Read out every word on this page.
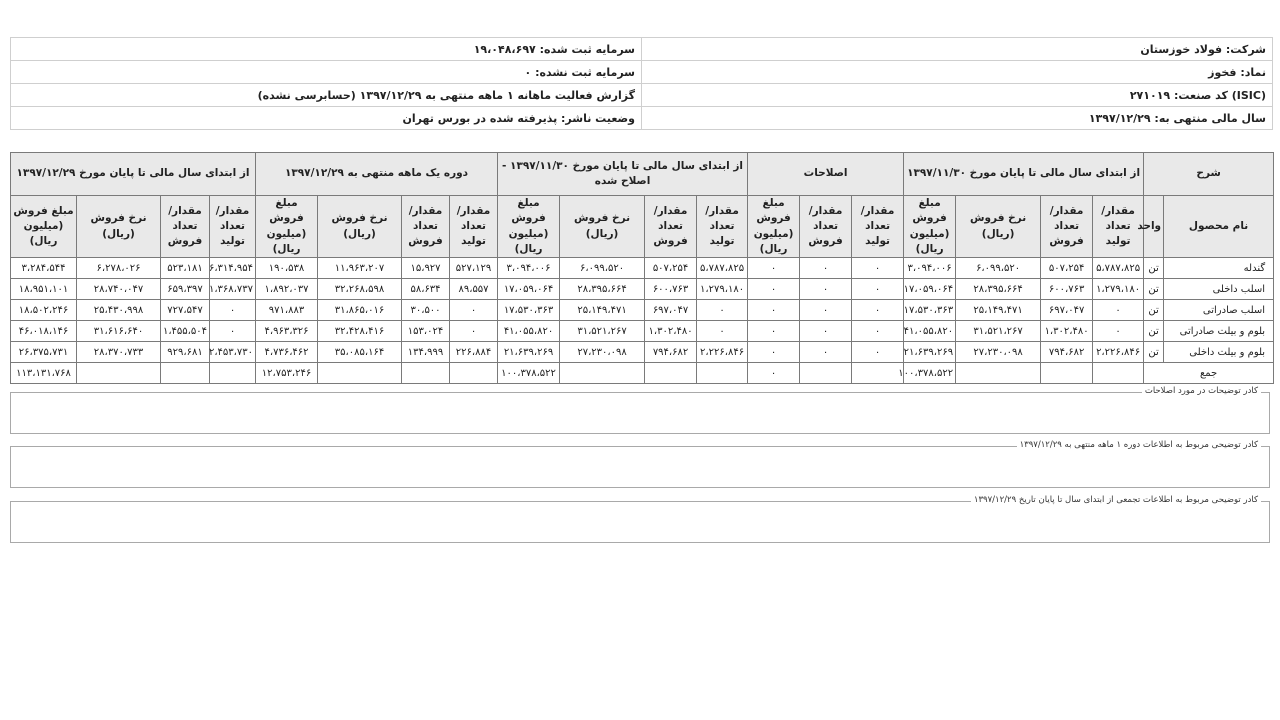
شرکت: فولاد خوزستان	سرمایه ثبت شده: ۱۹،۰۴۸،۶۹۷
نماد: فخوز	سرمایه ثبت نشده: ۰
(ISIC) کد صنعت: ۲۷۱۰۱۹	گزارش فعالیت ماهانه ۱ ماهه منتهی به ۱۳۹۷/۱۲/۲۹ (حسابرسی نشده)
سال مالی منتهی به: ۱۳۹۷/۱۲/۲۹	وضعیت ناشر: پذیرفته شده در بورس تهران
شرح		از ابتدای سال مالی تا پایان مورخ ۱۳۹۷/۱۱/۳۰				اصلاحات			از ابتدای سال مالی تا پایان مورخ ۱۳۹۷/۱۱/۳۰ - اصلاح شده				دوره یک ماهه منتهی به ۱۳۹۷/۱۲/۲۹				از ابتدای سال مالی تا پایان مورخ ۱۳۹۷/۱۲/۲۹			
نام محصول	واحد	مقدار/تعداد تولید	مقدار/تعداد فروش	نرخ فروش (ریال)	مبلغ فروش (میلیون ریال)	مقدار/تعداد تولید	مقدار/تعداد فروش	مبلغ فروش (میلیون ریال)	مقدار/تعداد تولید	مقدار/تعداد فروش	نرخ فروش (ریال)	مبلغ فروش (میلیون ریال)	مقدار/تعداد تولید	مقدار/تعداد فروش	نرخ فروش (ریال)	مبلغ فروش (میلیون ریال)	مقدار/تعداد تولید	مقدار/تعداد فروش	نرخ فروش (ریال)	مبلغ فروش (میلیون ریال)
گندله	تن	۵،۷۸۷،۸۲۵	۵۰۷،۲۵۴	۶،۰۹۹،۵۲۰	۳،۰۹۴،۰۰۶	۰	۰	۰	۵،۷۸۷،۸۲۵	۵۰۷،۲۵۴	۶،۰۹۹،۵۲۰	۳،۰۹۴،۰۰۶	۵۲۷،۱۲۹	۱۵،۹۲۷	۱۱،۹۶۳،۲۰۷	۱۹۰،۵۳۸	۶،۳۱۴،۹۵۴	۵۲۳،۱۸۱	۶،۲۷۸،۰۲۶	۳،۲۸۴،۵۴۴
اسلب داخلی	تن	۱،۲۷۹،۱۸۰	۶۰۰،۷۶۳	۲۸،۳۹۵،۶۶۴	۱۷،۰۵۹،۰۶۴	۰	۰	۰	۱،۲۷۹،۱۸۰	۶۰۰،۷۶۳	۲۸،۳۹۵،۶۶۴	۱۷،۰۵۹،۰۶۴	۸۹،۵۵۷	۵۸،۶۳۴	۳۲،۲۶۸،۵۹۸	۱،۸۹۲،۰۳۷	۱،۳۶۸،۷۳۷	۶۵۹،۳۹۷	۲۸،۷۴۰،۰۴۷	۱۸،۹۵۱،۱۰۱
اسلب صادراتی	تن	۰	۶۹۷،۰۴۷	۲۵،۱۴۹،۴۷۱	۱۷،۵۳۰،۳۶۳	۰	۰	۰	۰	۶۹۷،۰۴۷	۲۵،۱۴۹،۴۷۱	۱۷،۵۳۰،۳۶۳	۰	۳۰،۵۰۰	۳۱،۸۶۵،۰۱۶	۹۷۱،۸۸۳	۰	۷۲۷،۵۴۷	۲۵،۴۳۰،۹۹۸	۱۸،۵۰۲،۲۴۶
بلوم و بیلت صادراتی	تن	۰	۱،۳۰۲،۴۸۰	۳۱،۵۲۱،۲۶۷	۴۱،۰۵۵،۸۲۰	۰	۰	۰	۰	۱،۳۰۲،۴۸۰	۳۱،۵۲۱،۲۶۷	۴۱،۰۵۵،۸۲۰	۰	۱۵۳،۰۲۴	۳۲،۴۲۸،۴۱۶	۴،۹۶۳،۳۲۶	۰	۱،۴۵۵،۵۰۴	۳۱،۶۱۶،۶۴۰	۴۶،۰۱۸،۱۴۶
بلوم و بیلت داخلی	تن	۲،۲۲۶،۸۴۶	۷۹۴،۶۸۲	۲۷،۲۳۰،۰۹۸	۲۱،۶۳۹،۲۶۹	۰	۰	۰	۲،۲۲۶،۸۴۶	۷۹۴،۶۸۲	۲۷،۲۳۰،۰۹۸	۲۱،۶۳۹،۲۶۹	۲۲۶،۸۸۴	۱۳۴،۹۹۹	۳۵،۰۸۵،۱۶۴	۴،۷۳۶،۴۶۲	۲،۴۵۳،۷۳۰	۹۲۹،۶۸۱	۲۸،۳۷۰،۷۳۳	۲۶،۳۷۵،۷۳۱
جمع					۱۰۰،۳۷۸،۵۲۲			۰				۱۰۰،۳۷۸،۵۲۲				۱۲،۷۵۳،۲۴۶				۱۱۳،۱۳۱،۷۶۸
کادر توضیحات در مورد اصلاحات
کادر توضیحی مربوط به اطلاعات دوره ۱ ماهه منتهی به ۱۳۹۷/۱۲/۲۹
کادر توضیحی مربوط به اطلاعات تجمعی از ابتدای سال تا پایان تاریخ ۱۳۹۷/۱۲/۲۹
